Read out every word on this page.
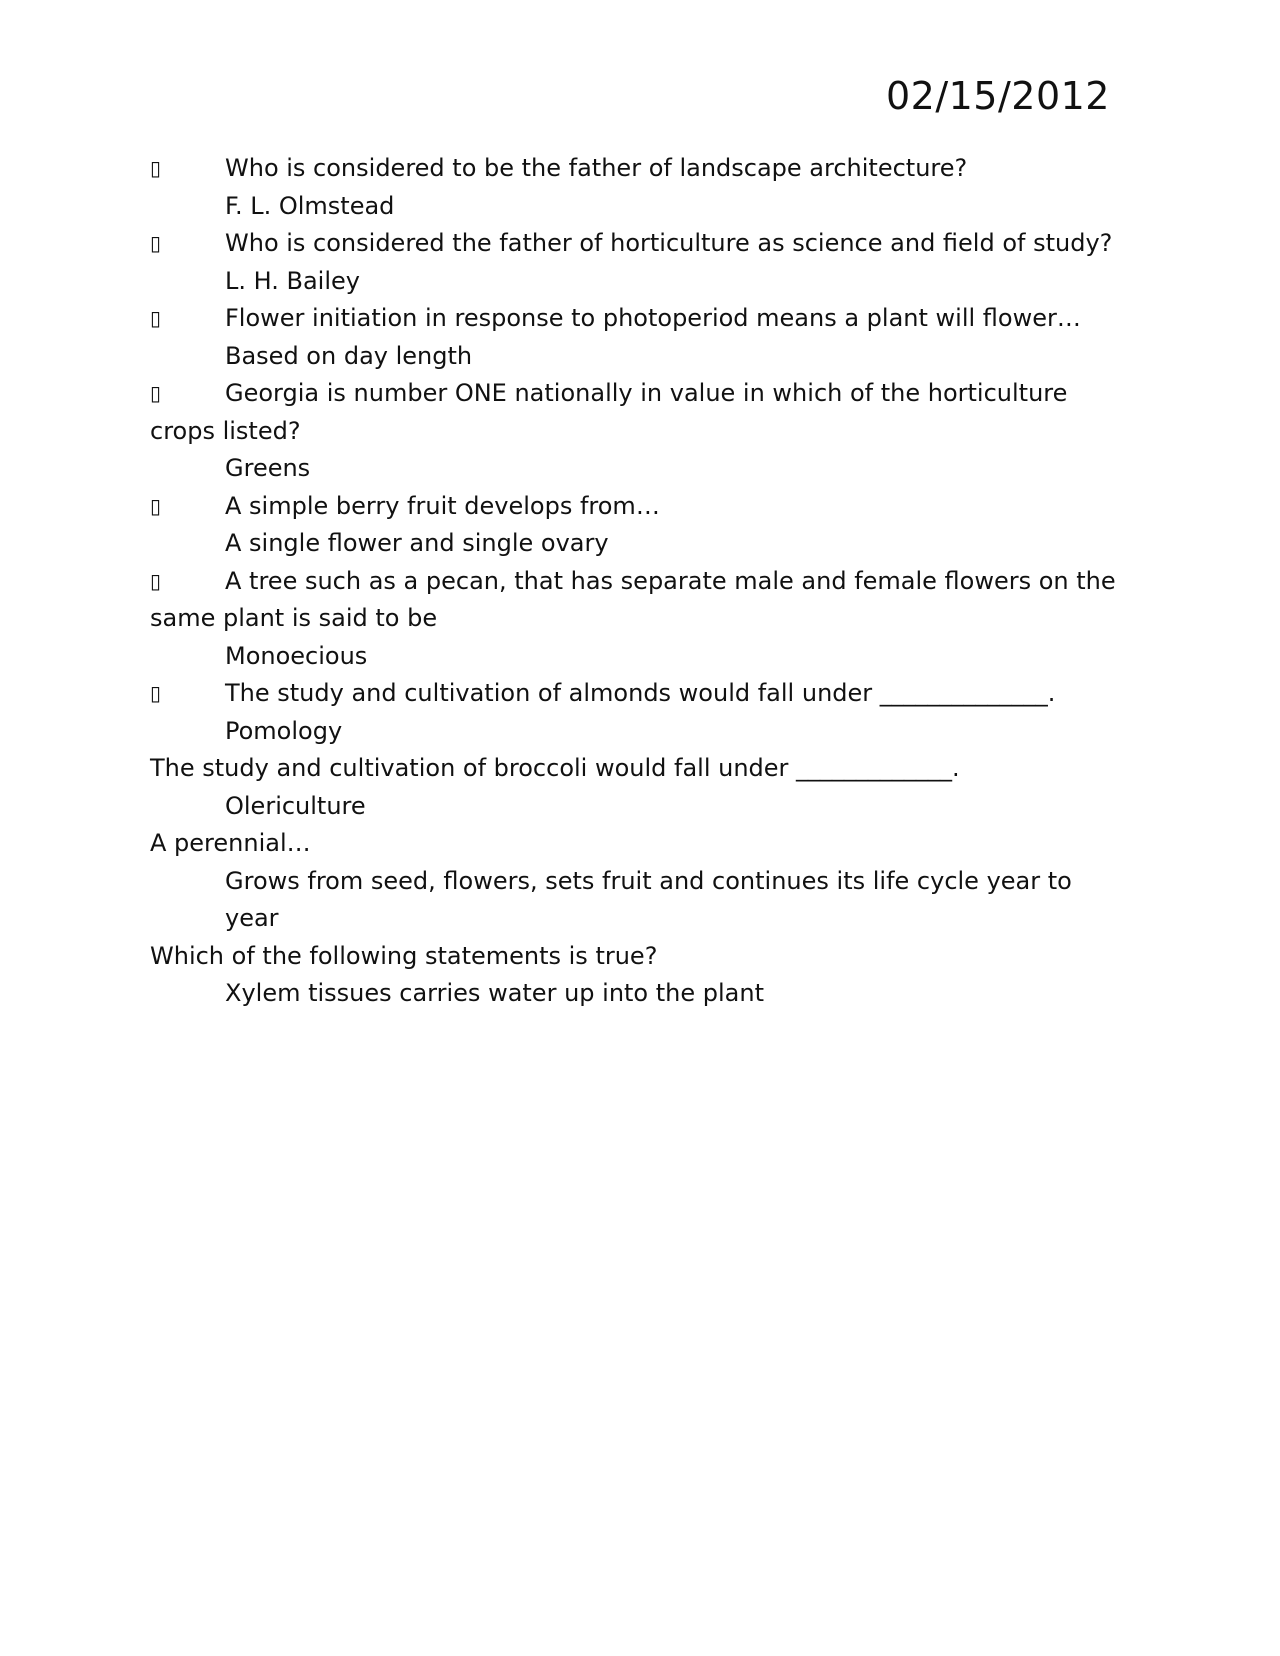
02/15/2012

▯	Who is considered to be the father of landscape architecture?

F. L. Olmstead

▯	Who is considered the father of horticulture as science and field of study?

L. H. Bailey

▯	Flower initiation in response to photoperiod means a plant will flower…

Based on day length

▯	Georgia is number ONE nationally in value in which of the horticulture crops listed?

Greens

▯	A simple berry fruit develops from…

A single flower and single ovary

▯	A tree such as a pecan, that has separate male and female flowers on the same plant is said to be

Monoecious

▯	The study and cultivation of almonds would fall under ______________.

Pomology

The study and cultivation of broccoli would fall under _____________.

Olericulture

A perennial…

Grows from seed, flowers, sets fruit and continues its life cycle year to year

Which of the following statements is true?

Xylem tissues carries water up into the plant
